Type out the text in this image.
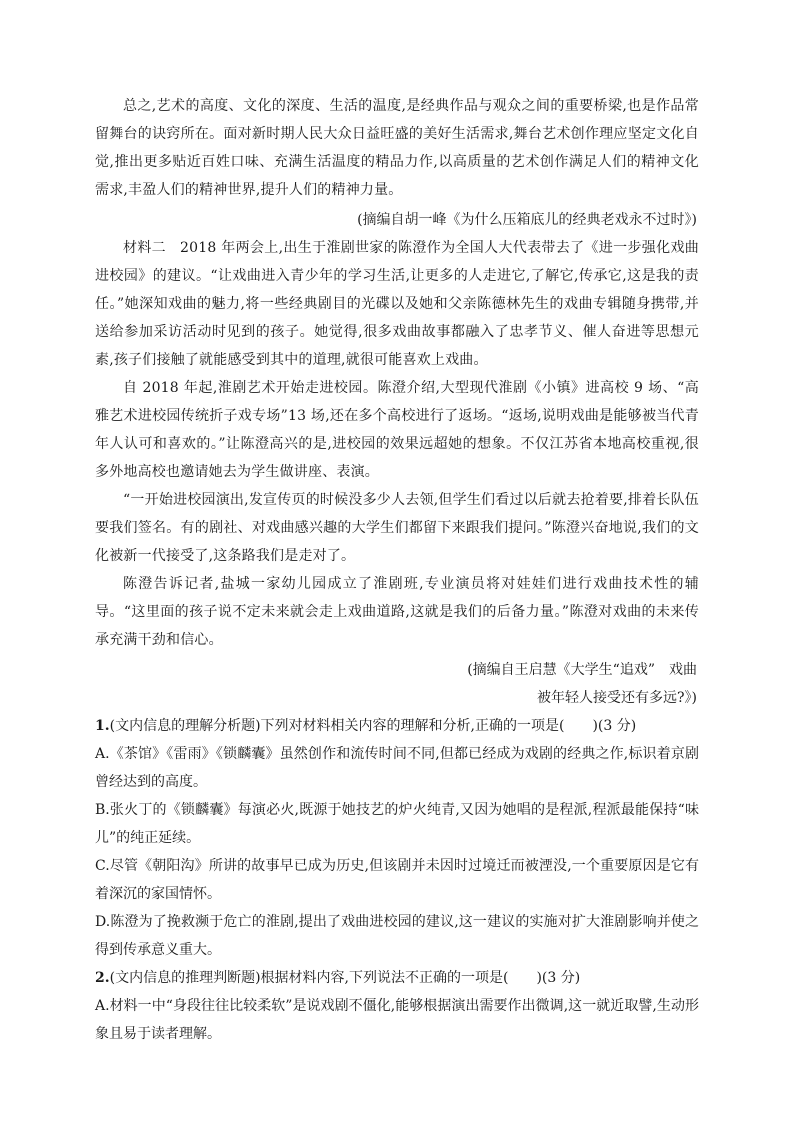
总之,艺术的高度、文化的深度、生活的温度,是经典作品与观众之间的重要桥梁,也是作品常留舞台的诀窍所在。面对新时期人民大众日益旺盛的美好生活需求,舞台艺术创作理应坚定文化自觉,推出更多贴近百姓口味、充满生活温度的精品力作,以高质量的艺术创作满足人们的精神文化需求,丰盈人们的精神世界,提升人们的精神力量。

(摘编自胡一峰《为什么压箱底儿的经典老戏永不过时》)

材料二 2018 年两会上,出生于淮剧世家的陈澄作为全国人大代表带去了《进一步强化戏曲进校园》的建议。“让戏曲进入青少年的学习生活,让更多的人走进它,了解它,传承它,这是我的责任。”她深知戏曲的魅力,将一些经典剧目的光碟以及她和父亲陈德林先生的戏曲专辑随身携带,并送给参加采访活动时见到的孩子。她觉得,很多戏曲故事都融入了忠孝节义、催人奋进等思想元素,孩子们接触了就能感受到其中的道理,就很可能喜欢上戏曲。

自 2018 年起,淮剧艺术开始走进校园。陈澄介绍,大型现代淮剧《小镇》进高校 9 场、“高雅艺术进校园传统折子戏专场”13 场,还在多个高校进行了返场。“返场,说明戏曲是能够被当代青年人认可和喜欢的。”让陈澄高兴的是,进校园的效果远超她的想象。不仅江苏省本地高校重视,很多外地高校也邀请她去为学生做讲座、表演。

“一开始进校园演出,发宣传页的时候没多少人去领,但学生们看过以后就去抢着要,排着长队伍要我们签名。有的剧社、对戏曲感兴趣的大学生们都留下来跟我们提问。”陈澄兴奋地说,我们的文化被新一代接受了,这条路我们是走对了。

陈澄告诉记者,盐城一家幼儿园成立了淮剧班,专业演员将对娃娃们进行戏曲技术性的辅导。“这里面的孩子说不定未来就会走上戏曲道路,这就是我们的后备力量。”陈澄对戏曲的未来传承充满干劲和信心。

(摘编自王启慧《大学生“追戏”　戏曲

被年轻人接受还有多远?》)

1.(文内信息的理解分析题)下列对材料相关内容的理解和分析,正确的一项是(　　)(3 分)

A.《茶馆》《雷雨》《锁麟囊》虽然创作和流传时间不同,但都已经成为戏剧的经典之作,标识着京剧曾经达到的高度。

B.张火丁的《锁麟囊》每演必火,既源于她技艺的炉火纯青,又因为她唱的是程派,程派最能保持“味儿”的纯正延续。

C.尽管《朝阳沟》所讲的故事早已成为历史,但该剧并未因时过境迁而被湮没,一个重要原因是它有着深沉的家国情怀。

D.陈澄为了挽救濒于危亡的淮剧,提出了戏曲进校园的建议,这一建议的实施对扩大淮剧影响并使之得到传承意义重大。

2.(文内信息的推理判断题)根据材料内容,下列说法不正确的一项是(　　)(3 分)

A.材料一中“身段往往比较柔软”是说戏剧不僵化,能够根据演出需要作出微调,这一就近取譬,生动形象且易于读者理解。
